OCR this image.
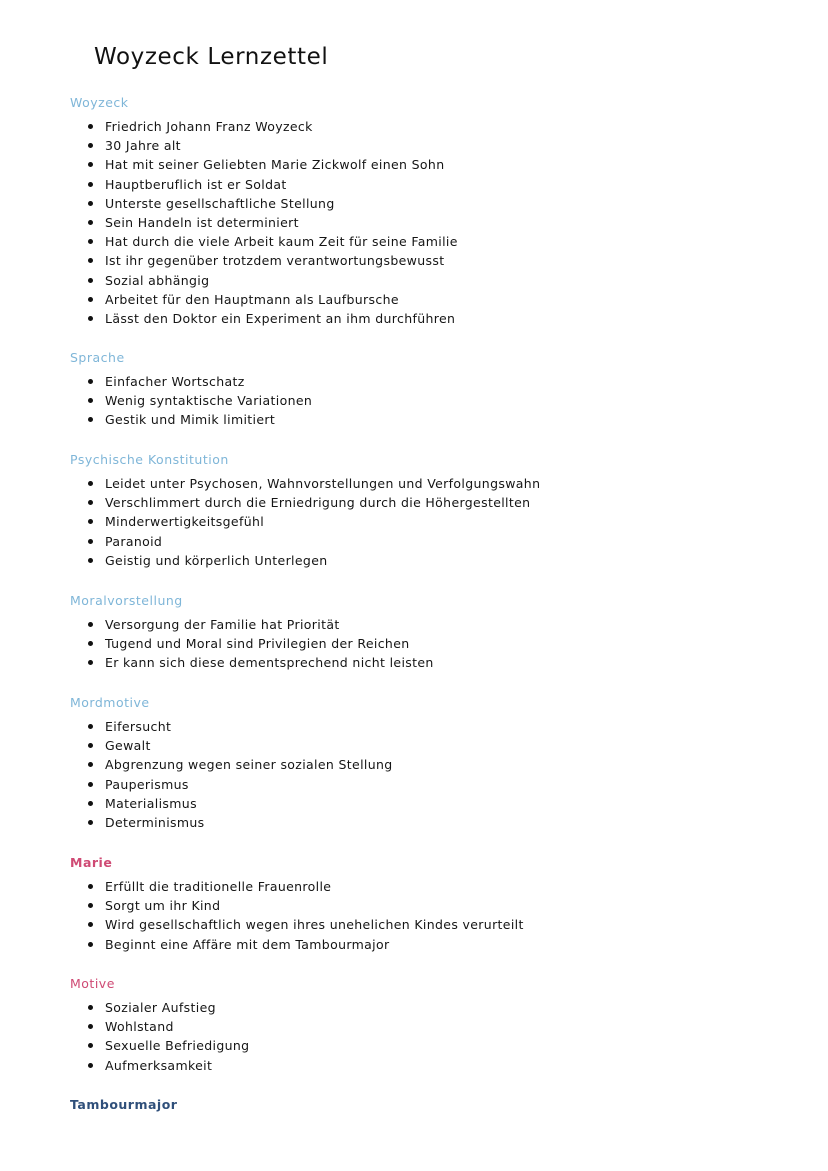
Woyzeck Lernzettel
Woyzeck
Friedrich Johann Franz Woyzeck
30 Jahre alt
Hat mit seiner Geliebten Marie Zickwolf einen Sohn
Hauptberuflich ist er Soldat
Unterste gesellschaftliche Stellung
Sein Handeln ist determiniert
Hat durch die viele Arbeit kaum Zeit für seine Familie
Ist ihr gegenüber trotzdem verantwortungsbewusst
Sozial abhängig
Arbeitet für den Hauptmann als Laufbursche
Lässt den Doktor ein Experiment an ihm durchführen
Sprache
Einfacher Wortschatz
Wenig syntaktische Variationen
Gestik und Mimik limitiert
Psychische Konstitution
Leidet unter Psychosen, Wahnvorstellungen und Verfolgungswahn
Verschlimmert durch die Erniedrigung durch die Höhergestellten
Minderwertigkeitsgefühl
Paranoid
Geistig und körperlich Unterlegen
Moralvorstellung
Versorgung der Familie hat Priorität
Tugend und Moral sind Privilegien der Reichen
Er kann sich diese dementsprechend nicht leisten
Mordmotive
Eifersucht
Gewalt
Abgrenzung wegen seiner sozialen Stellung
Pauperismus
Materialismus
Determinismus
Marie
Erfüllt die traditionelle Frauenrolle
Sorgt um ihr Kind
Wird gesellschaftlich wegen ihres unehelichen Kindes verurteilt
Beginnt eine Affäre mit dem Tambourmajor
Motive
Sozialer Aufstieg
Wohlstand
Sexuelle Befriedigung
Aufmerksamkeit
Tambourmajor
